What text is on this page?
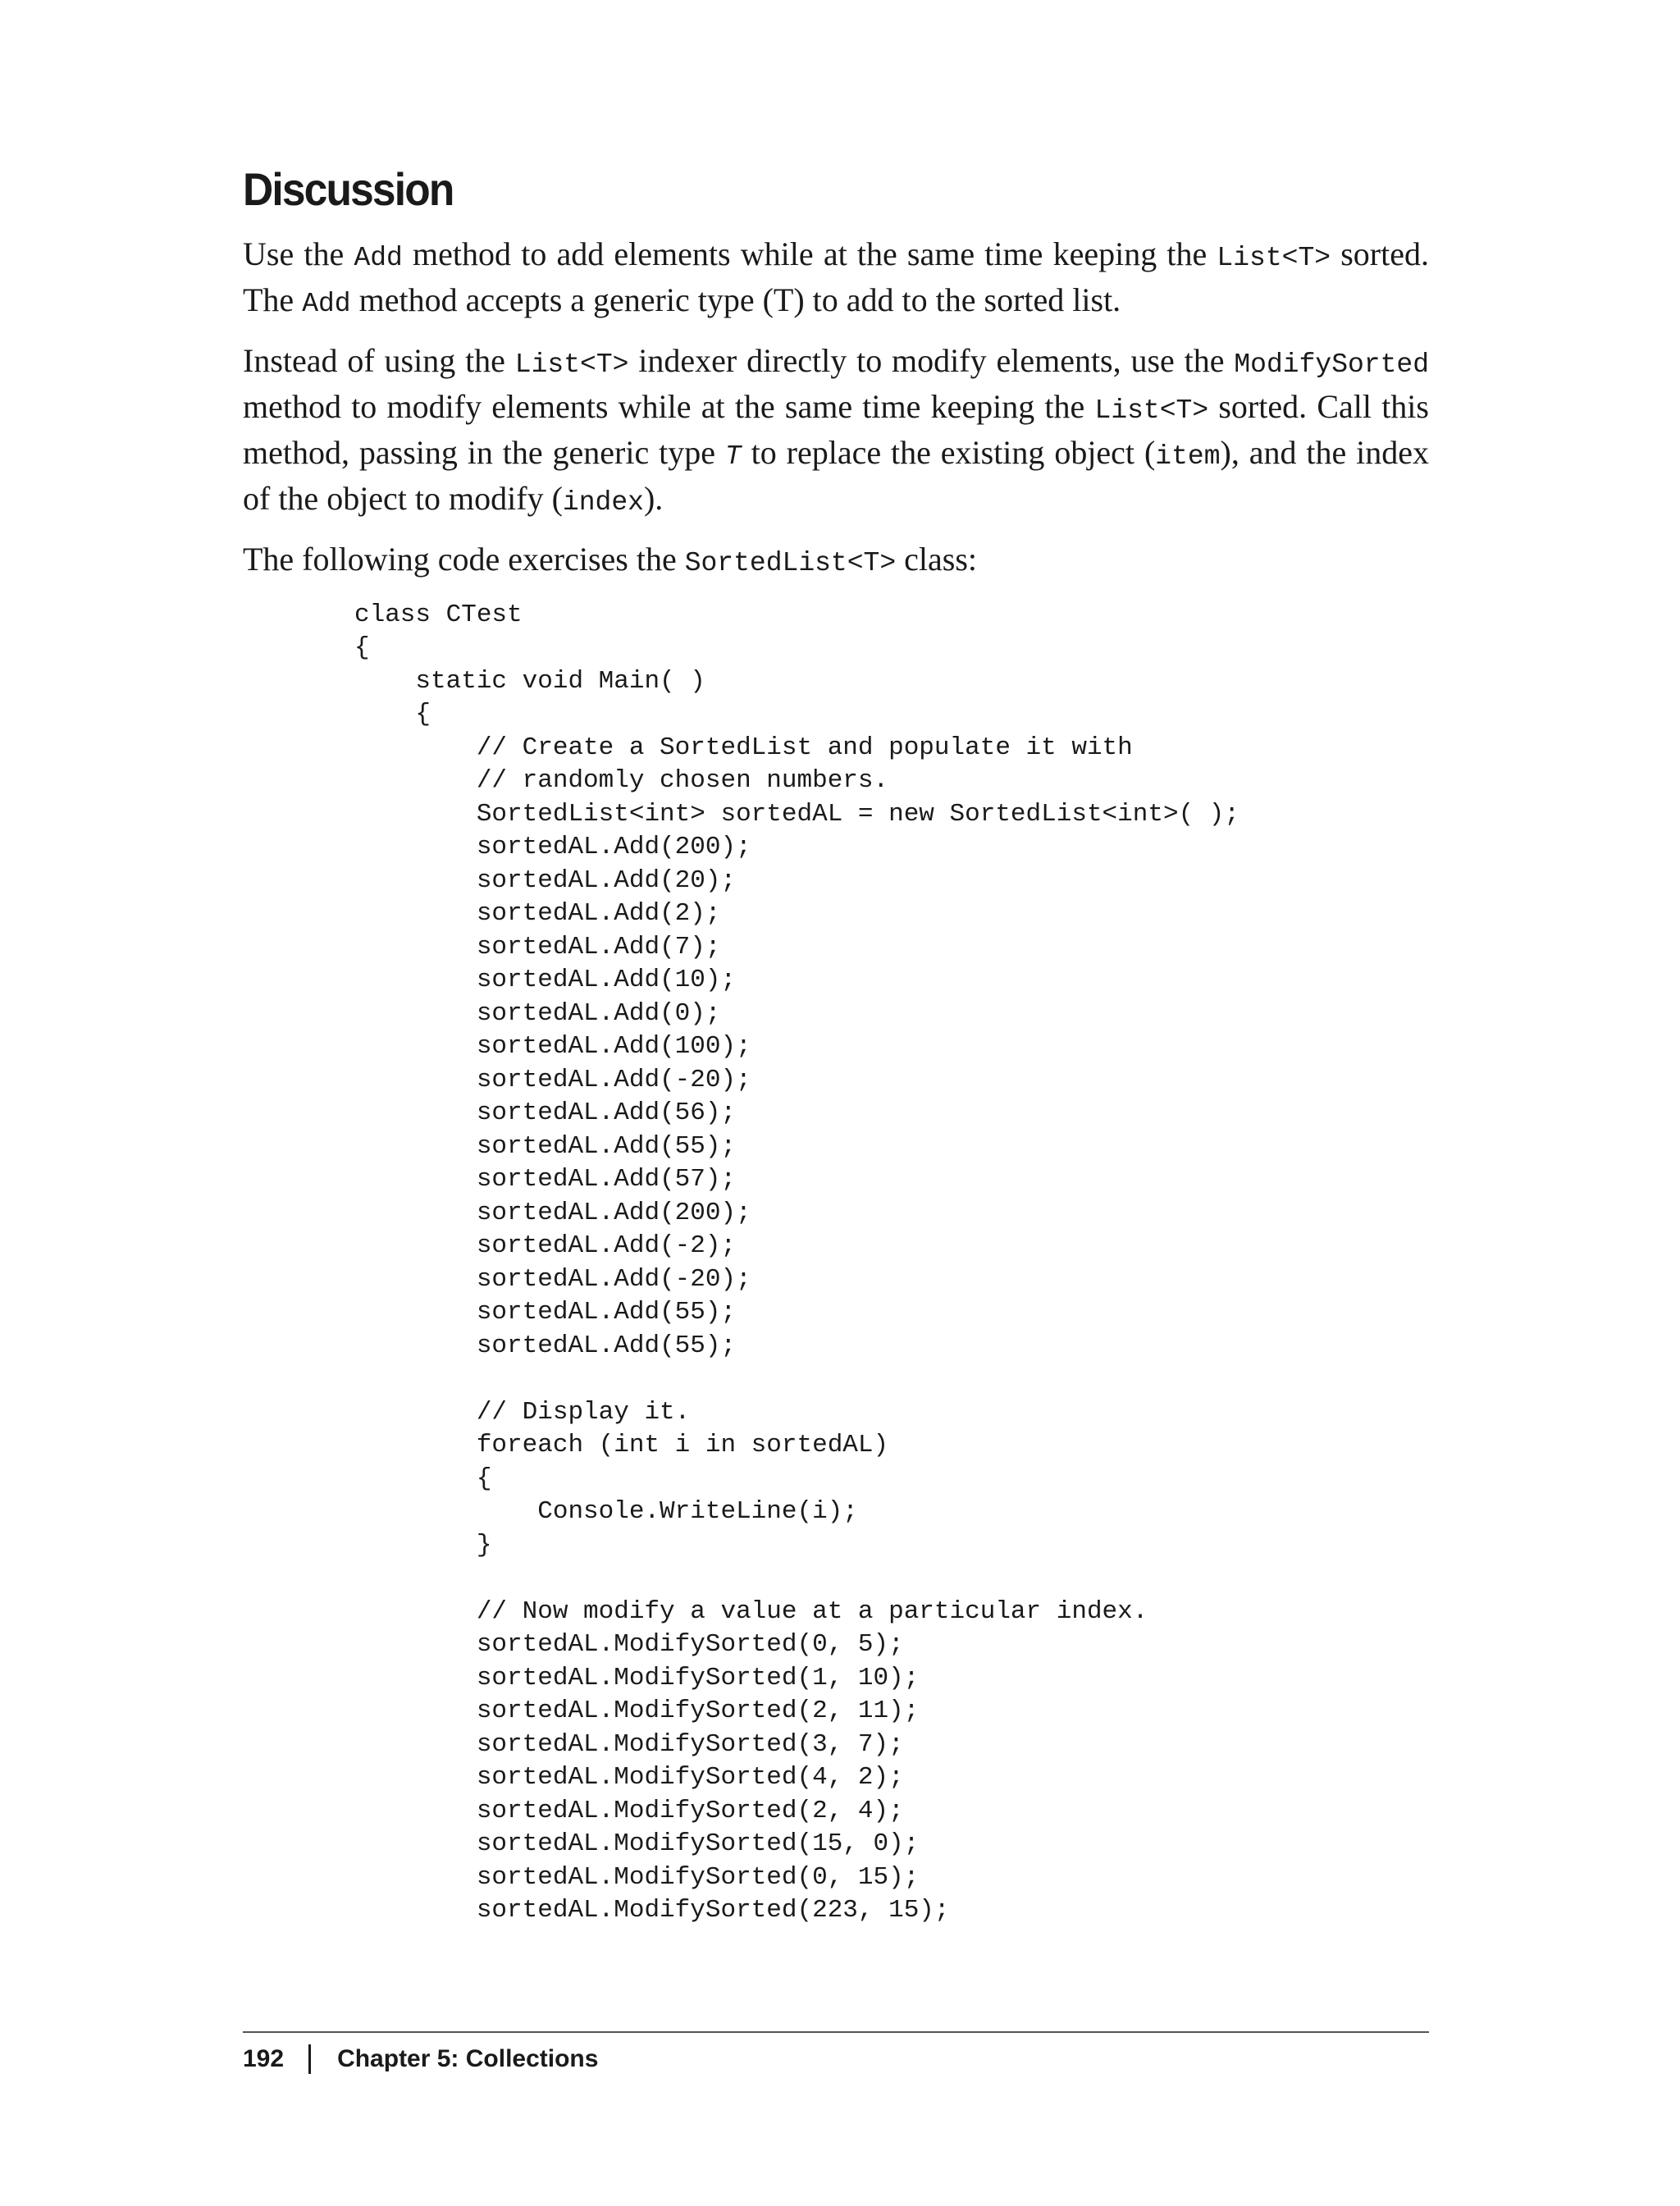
Discussion

Use the Add method to add elements while at the same time keeping the List<T> sorted. The Add method accepts a generic type (T) to add to the sorted list.

Instead of using the List<T> indexer directly to modify elements, use the ModifySorted method to modify elements while at the same time keeping the List<T> sorted. Call this method, passing in the generic type T to replace the existing object (item), and the index of the object to modify (index).

The following code exercises the SortedList<T> class:

class CTest
{
static void Main( )
{
// Create a SortedList and populate it with
// randomly chosen numbers.
SortedList<int> sortedAL = new SortedList<int>( );
sortedAL.Add(200);
sortedAL.Add(20);
sortedAL.Add(2);
sortedAL.Add(7);
sortedAL.Add(10);
sortedAL.Add(0);
sortedAL.Add(100);
sortedAL.Add(-20);
sortedAL.Add(56);
sortedAL.Add(55);
sortedAL.Add(57);
sortedAL.Add(200);
sortedAL.Add(-2);
sortedAL.Add(-20);
sortedAL.Add(55);
sortedAL.Add(55);
// Display it.
foreach (int i in sortedAL)
{
Console.WriteLine(i);
}
// Now modify a value at a particular index.
sortedAL.ModifySorted(0, 5);
sortedAL.ModifySorted(1, 10);
sortedAL.ModifySorted(2, 11);
sortedAL.ModifySorted(3, 7);
sortedAL.ModifySorted(4, 2);
sortedAL.ModifySorted(2, 4);
sortedAL.ModifySorted(15, 0);
sortedAL.ModifySorted(0, 15);
sortedAL.ModifySorted(223, 15);
192 Chapter 5: Collections
